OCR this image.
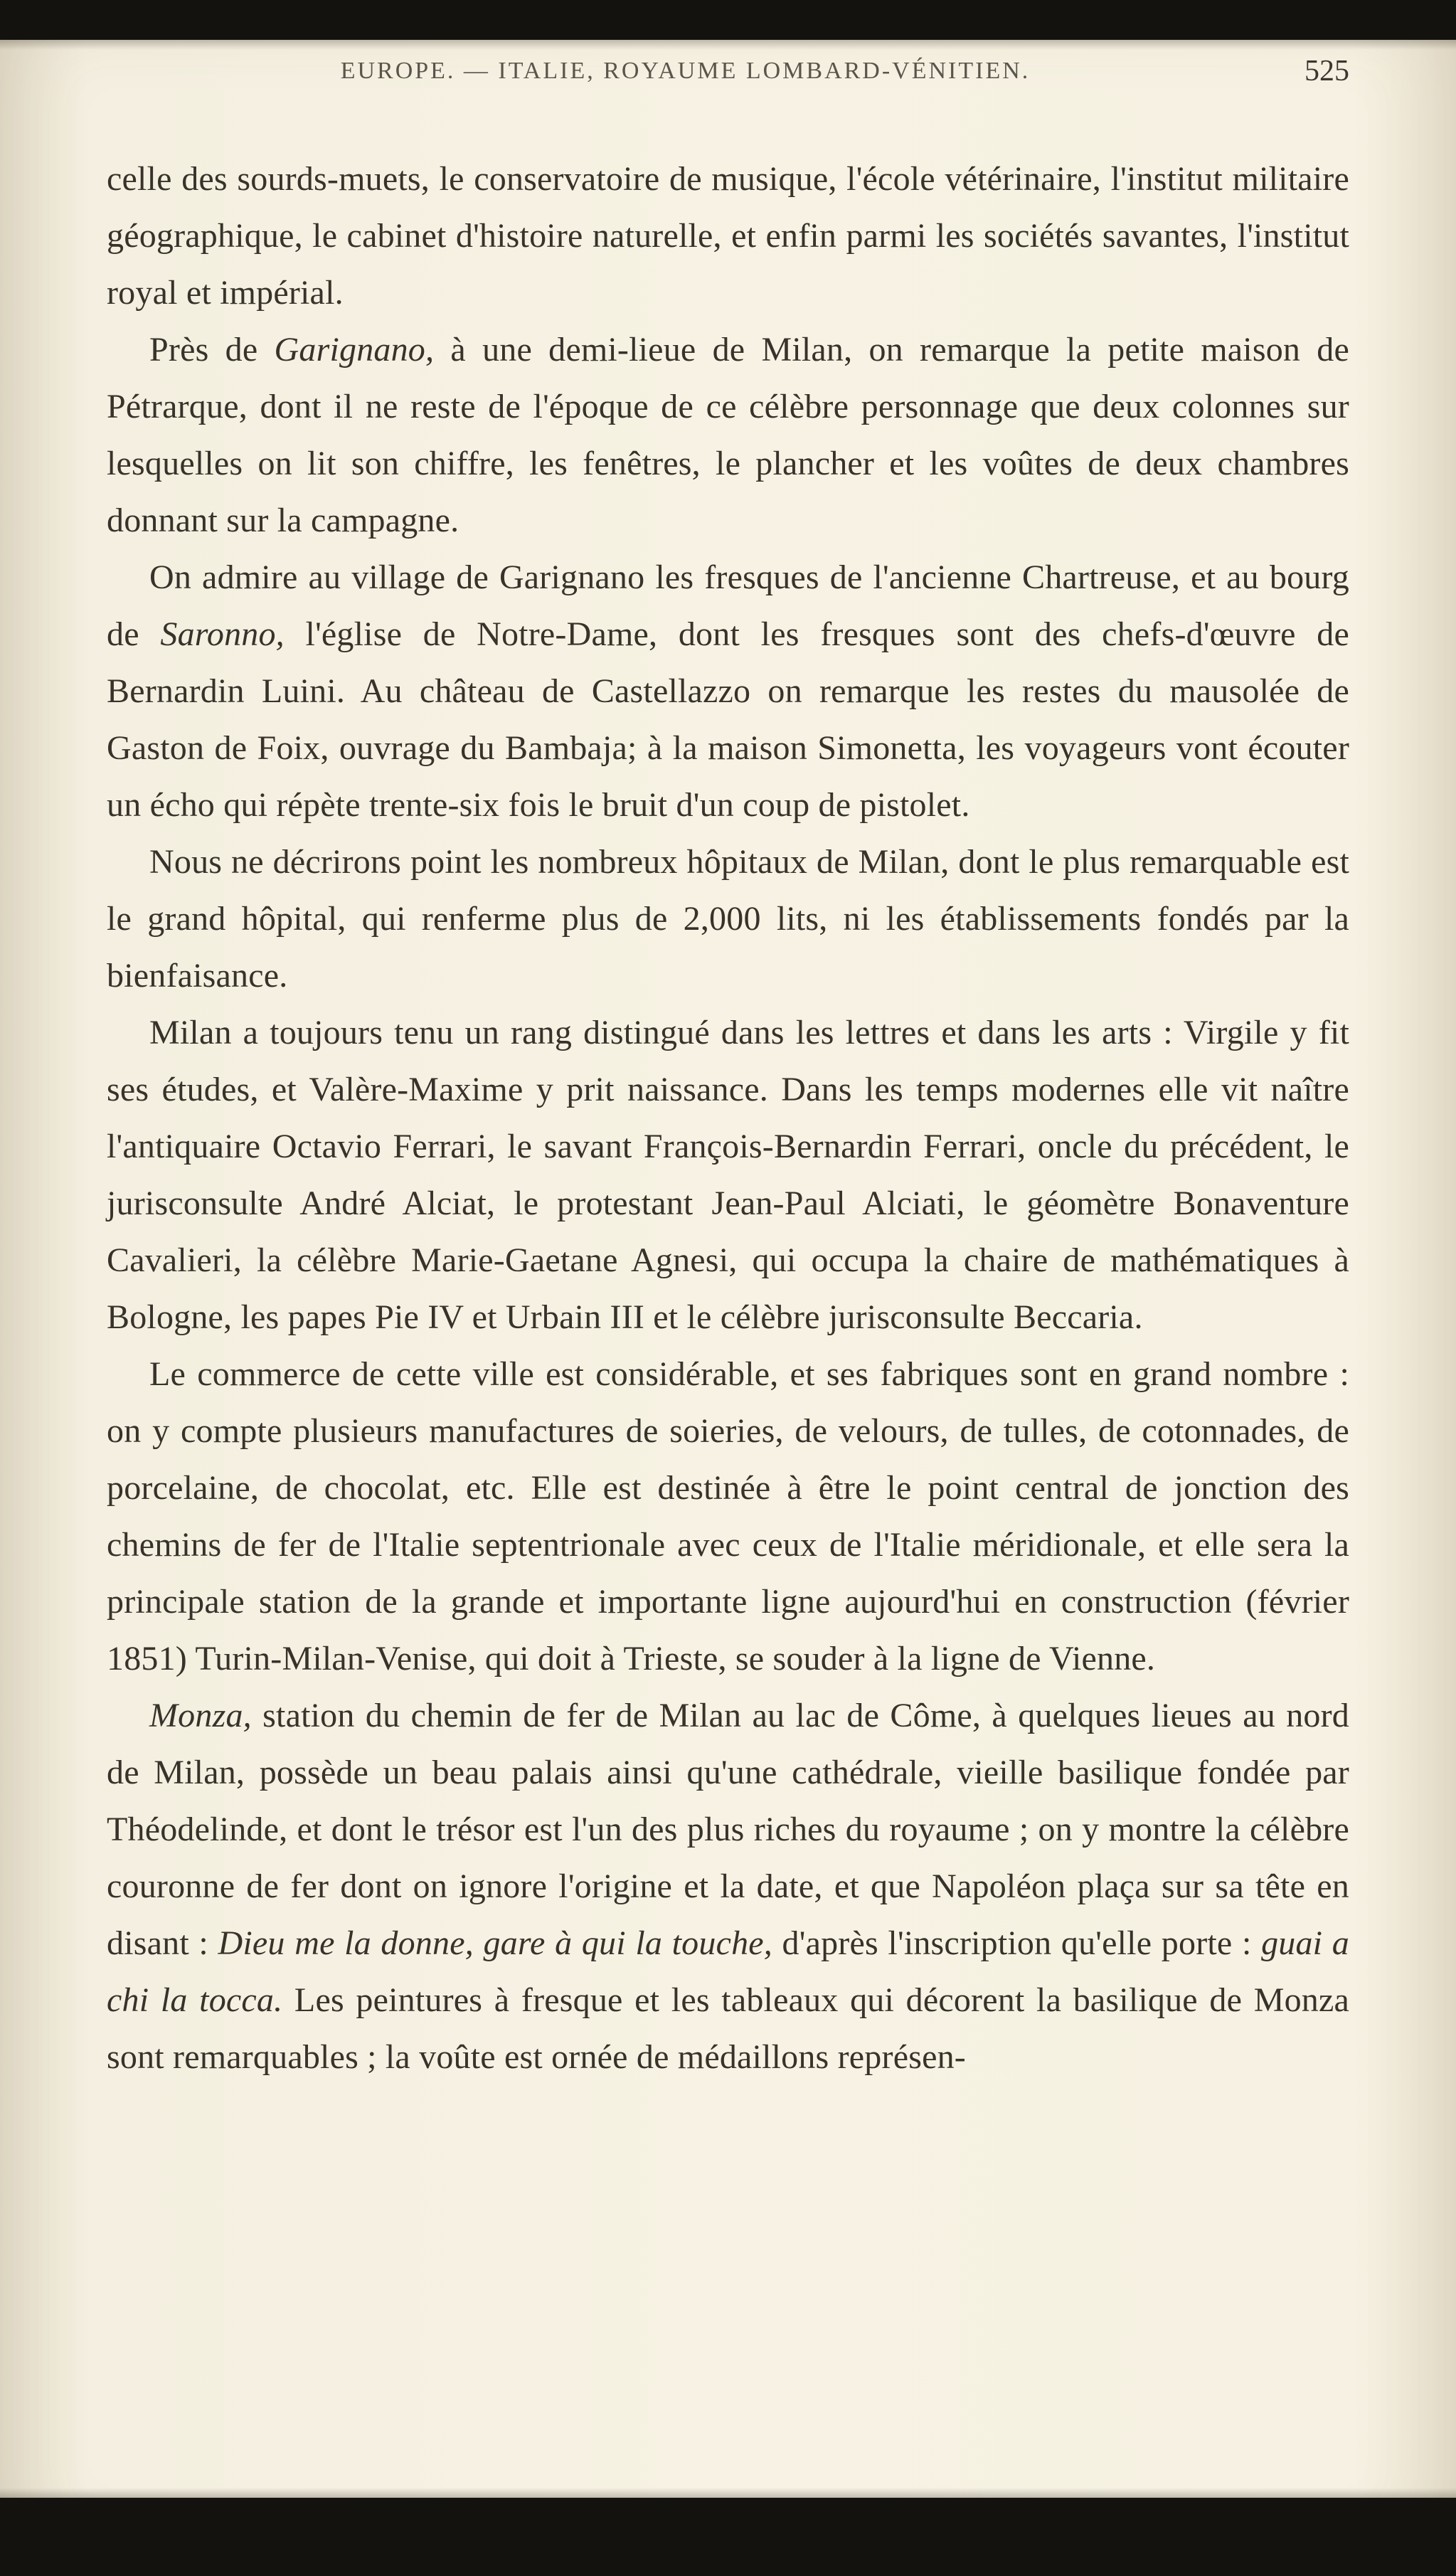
EUROPE. — ITALIE, ROYAUME LOMBARD-VÉNITIEN.	525

celle des sourds-muets, le conservatoire de musique, l'école vétérinaire, l'institut militaire géographique, le cabinet d'histoire naturelle, et enfin parmi les sociétés savantes, l'institut royal et impérial.

Près de Garignano, à une demi-lieue de Milan, on remarque la petite maison de Pétrarque, dont il ne reste de l'époque de ce célèbre personnage que deux colonnes sur lesquelles on lit son chiffre, les fenêtres, le plancher et les voûtes de deux chambres donnant sur la campagne.

On admire au village de Garignano les fresques de l'ancienne Chartreuse, et au bourg de Saronno, l'église de Notre-Dame, dont les fresques sont des chefs-d'œuvre de Bernardin Luini. Au château de Castellazzo on remarque les restes du mausolée de Gaston de Foix, ouvrage du Bambaja; à la maison Simonetta, les voyageurs vont écouter un écho qui répète trente-six fois le bruit d'un coup de pistolet.

Nous ne décrirons point les nombreux hôpitaux de Milan, dont le plus remarquable est le grand hôpital, qui renferme plus de 2,000 lits, ni les établissements fondés par la bienfaisance.

Milan a toujours tenu un rang distingué dans les lettres et dans les arts : Virgile y fit ses études, et Valère-Maxime y prit naissance. Dans les temps modernes elle vit naître l'antiquaire Octavio Ferrari, le savant François-Bernardin Ferrari, oncle du précédent, le jurisconsulte André Alciat, le protestant Jean-Paul Alciati, le géomètre Bonaventure Cavalieri, la célèbre Marie-Gaetane Agnesi, qui occupa la chaire de mathématiques à Bologne, les papes Pie IV et Urbain III et le célèbre jurisconsulte Beccaria.

Le commerce de cette ville est considérable, et ses fabriques sont en grand nombre : on y compte plusieurs manufactures de soieries, de velours, de tulles, de cotonnades, de porcelaine, de chocolat, etc. Elle est destinée à être le point central de jonction des chemins de fer de l'Italie septentrionale avec ceux de l'Italie méridionale, et elle sera la principale station de la grande et importante ligne aujourd'hui en construction (février 1851) Turin-Milan-Venise, qui doit à Trieste, se souder à la ligne de Vienne.

Monza, station du chemin de fer de Milan au lac de Côme, à quelques lieues au nord de Milan, possède un beau palais ainsi qu'une cathédrale, vieille basilique fondée par Théodelinde, et dont le trésor est l'un des plus riches du royaume ; on y montre la célèbre couronne de fer dont on ignore l'origine et la date, et que Napoléon plaça sur sa tête en disant : Dieu me la donne, gare à qui la touche, d'après l'inscription qu'elle porte : guai a chi la tocca. Les peintures à fresque et les tableaux qui décorent la basilique de Monza sont remarquables ; la voûte est ornée de médaillons représen-
